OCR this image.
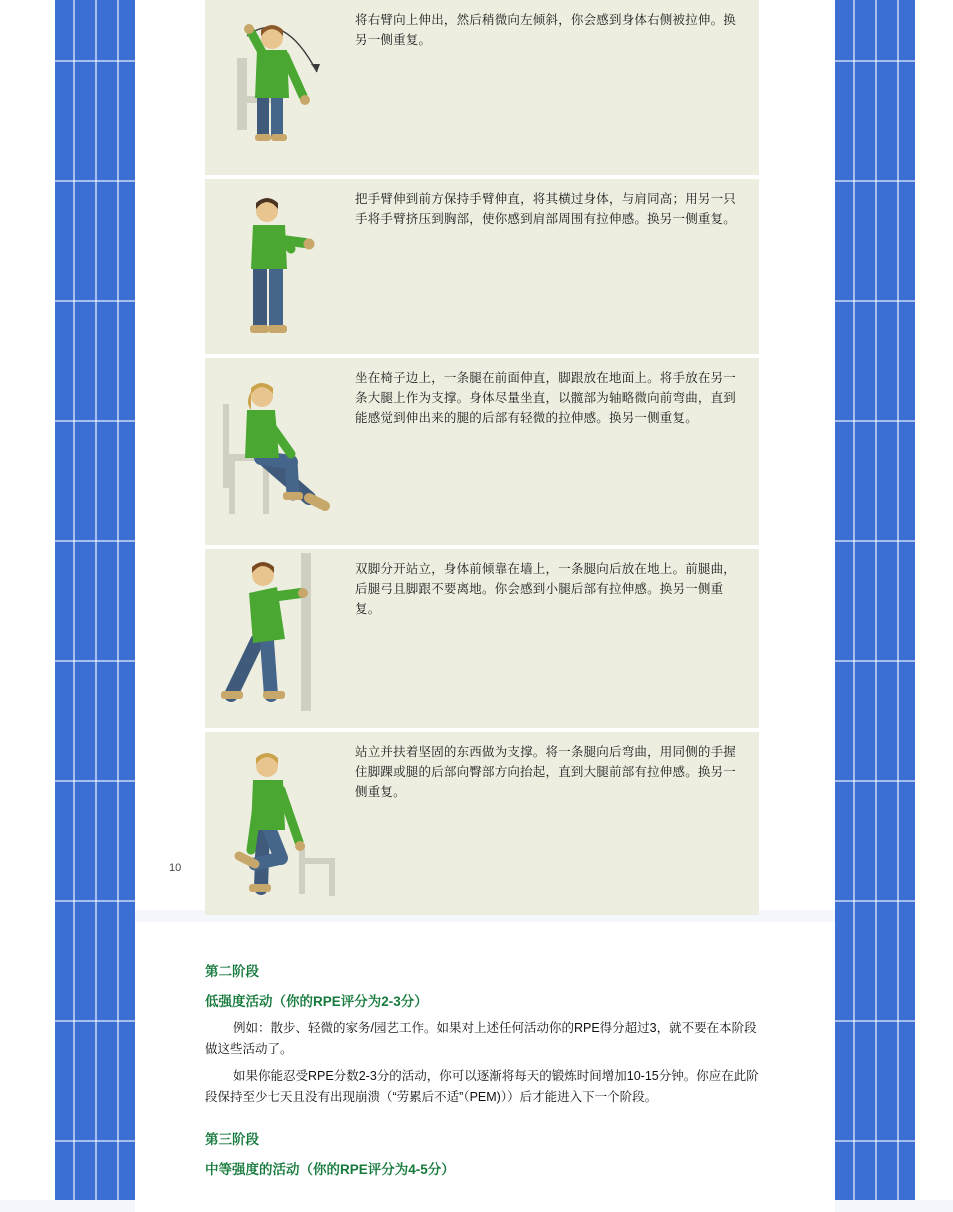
将右臂向上伸出，然后稍微向左倾斜，你会感到身体右侧被拉伸。换另一侧重复。
把手臂伸到前方保持手臂伸直，将其横过身体，与肩同高；用另一只手将手臂挤压到胸部，使你感到肩部周围有拉伸感。换另一侧重复。
坐在椅子边上，一条腿在前面伸直，脚跟放在地面上。将手放在另一条大腿上作为支撑。身体尽量坐直，以髋部为轴略微向前弯曲，直到能感觉到伸出来的腿的后部有轻微的拉伸感。换另一侧重复。
双脚分开站立，身体前倾靠在墙上，一条腿向后放在地上。前腿曲，后腿弓且脚跟不要离地。你会感到小腿后部有拉伸感。换另一侧重复。
站立并扶着坚固的东西做为支撑。将一条腿向后弯曲，用同侧的手握住脚踝或腿的后部向臀部方向抬起，直到大腿前部有拉伸感。换另一侧重复。
10
第二阶段
低强度活动（你的RPE评分为2-3分）

例如：散步、轻微的家务/园艺工作。如果对上述任何活动你的RPE得分超过3，就不要在本阶段做这些活动了。

如果你能忍受RPE分数2-3分的活动，你可以逐渐将每天的锻炼时间增加10-15分钟。你应在此阶段保持至少七天且没有出现崩溃（“劳累后不适”（PEM)））后才能进入下一个阶段。

第三阶段
中等强度的活动（你的RPE评分为4-5分）
